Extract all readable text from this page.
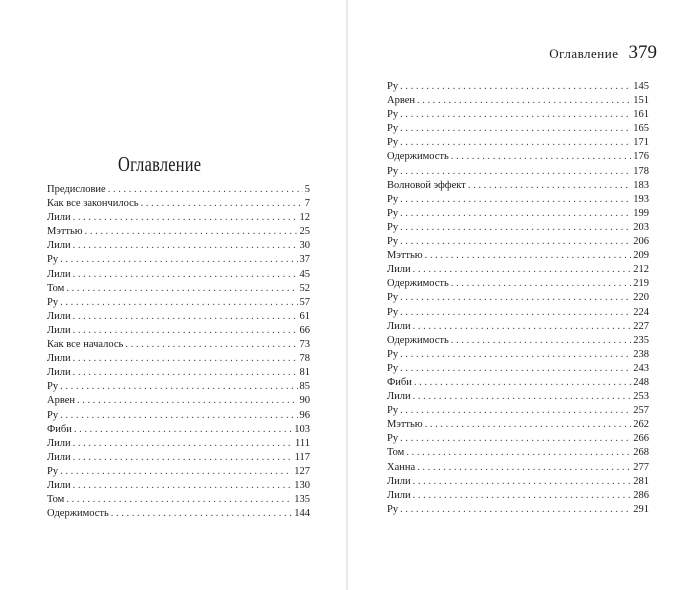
Оглавление
Предисловие . . .	5
Как все закончилось . . .	7
Лили . . .	12
Мэттью . . .	25
Лили . . .	30
Ру . . .	37
Лили . . .	45
Том . . .	52
Ру . . .	57
Лили . . .	61
Лили . . .	66
Как все началось . . .	73
Лили . . .	78
Лили . . .	81
Ру . . .	85
Арвен . . .	90
Ру . . .	96
Фиби . . .	103
Лили . . .	111
Лили . . .	117
Ру . . .	127
Лили . . .	130
Том . . .	135
Одержимость . . .	144
Оглавление 379
Ру . . .	145
Арвен . . .	151
Ру . . .	161
Ру . . .	165
Ру . . .	171
Одержимость . . .	176
Ру . . .	178
Волновой эффект . . .	183
Ру . . .	193
Ру . . .	199
Ру . . .	203
Ру . . .	206
Мэттью . . .	209
Лили . . .	212
Одержимость . . .	219
Ру . . .	220
Ру . . .	224
Лили . . .	227
Одержимость . . .	235
Ру . . .	238
Ру . . .	243
Фиби . . .	248
Лили . . .	253
Ру . . .	257
Мэттью . . .	262
Ру . . .	266
Том . . .	268
Ханна . . .	277
Лили . . .	281
Лили . . .	286
Ру . . .	291
